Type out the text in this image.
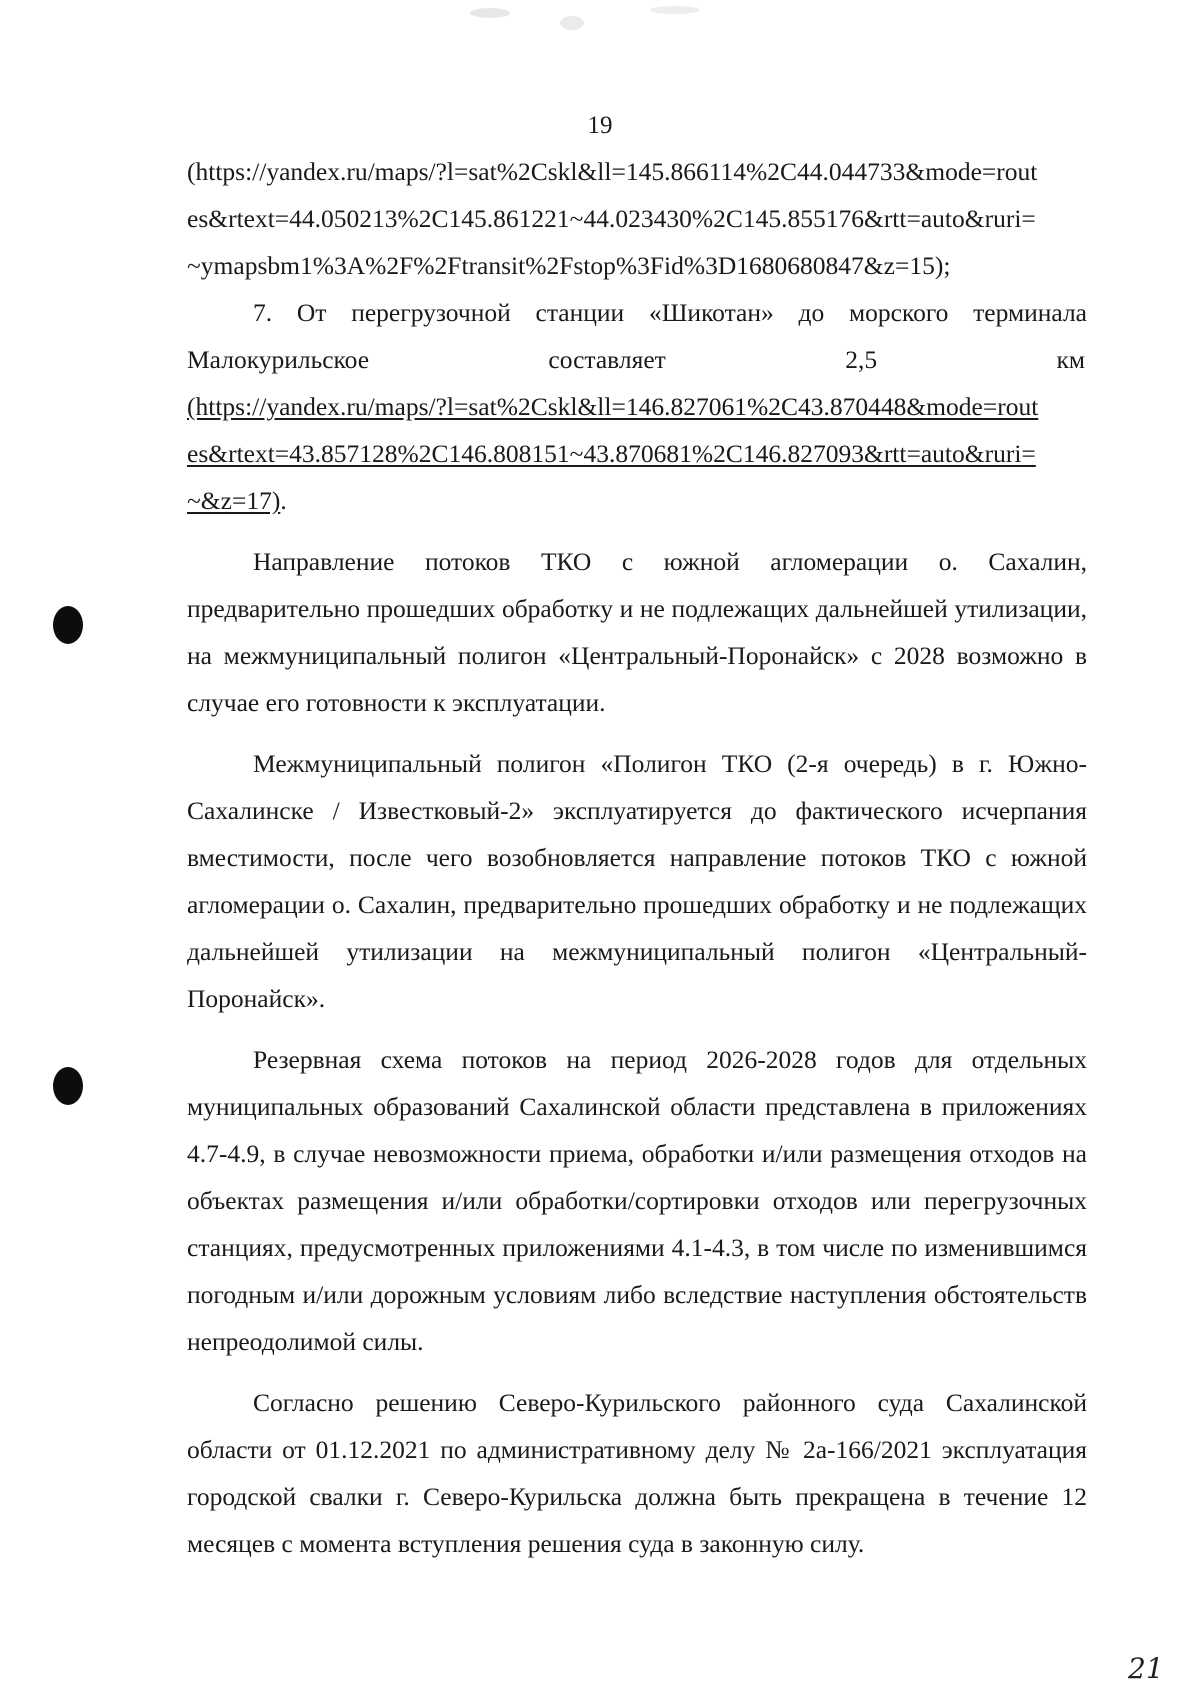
19
(https://yandex.ru/maps/?l=sat%2Cskl&ll=145.866114%2C44.044733&mode=rout
es&rtext=44.050213%2C145.861221~44.023430%2C145.855176&rtt=auto&ruri=
~ymapsbm1%3A%2F%2Ftransit%2Fstop%3Fid%3D1680680847&z=15);
7. От перегрузочной станции «Шикотан» до морского терминала
Малокурильское	составляет	2,5	км
(https://yandex.ru/maps/?l=sat%2Cskl&ll=146.827061%2C43.870448&mode=rout
es&rtext=43.857128%2C146.808151~43.870681%2C146.827093&rtt=auto&ruri=
~&z=17).

Направление потоков ТКО с южной агломерации о. Сахалин, предварительно прошедших обработку и не подлежащих дальнейшей утилизации, на межмуниципальный полигон «Центральный-Поронайск» с 2028 возможно в случае его готовности к эксплуатации.

Межмуниципальный полигон «Полигон ТКО (2-я очередь) в г. Южно-Сахалинске / Известковый-2» эксплуатируется до фактического исчерпания вместимости, после чего возобновляется направление потоков ТКО с южной агломерации о. Сахалин, предварительно прошедших обработку и не подлежащих дальнейшей утилизации на межмуниципальный полигон «Центральный-Поронайск».

Резервная схема потоков на период 2026-2028 годов для отдельных муниципальных образований Сахалинской области представлена в приложениях 4.7-4.9, в случае невозможности приема, обработки и/или размещения отходов на объектах размещения и/или обработки/сортировки отходов или перегрузочных станциях, предусмотренных приложениями 4.1-4.3, в том числе по изменившимся погодным и/или дорожным условиям либо вследствие наступления обстоятельств непреодолимой силы.

Согласно решению Северо-Курильского районного суда Сахалинской области от 01.12.2021 по административному делу № 2а-166/2021 эксплуатация городской свалки г. Северо-Курильска должна быть прекращена в течение 12 месяцев с момента вступления решения суда в законную силу.

21
